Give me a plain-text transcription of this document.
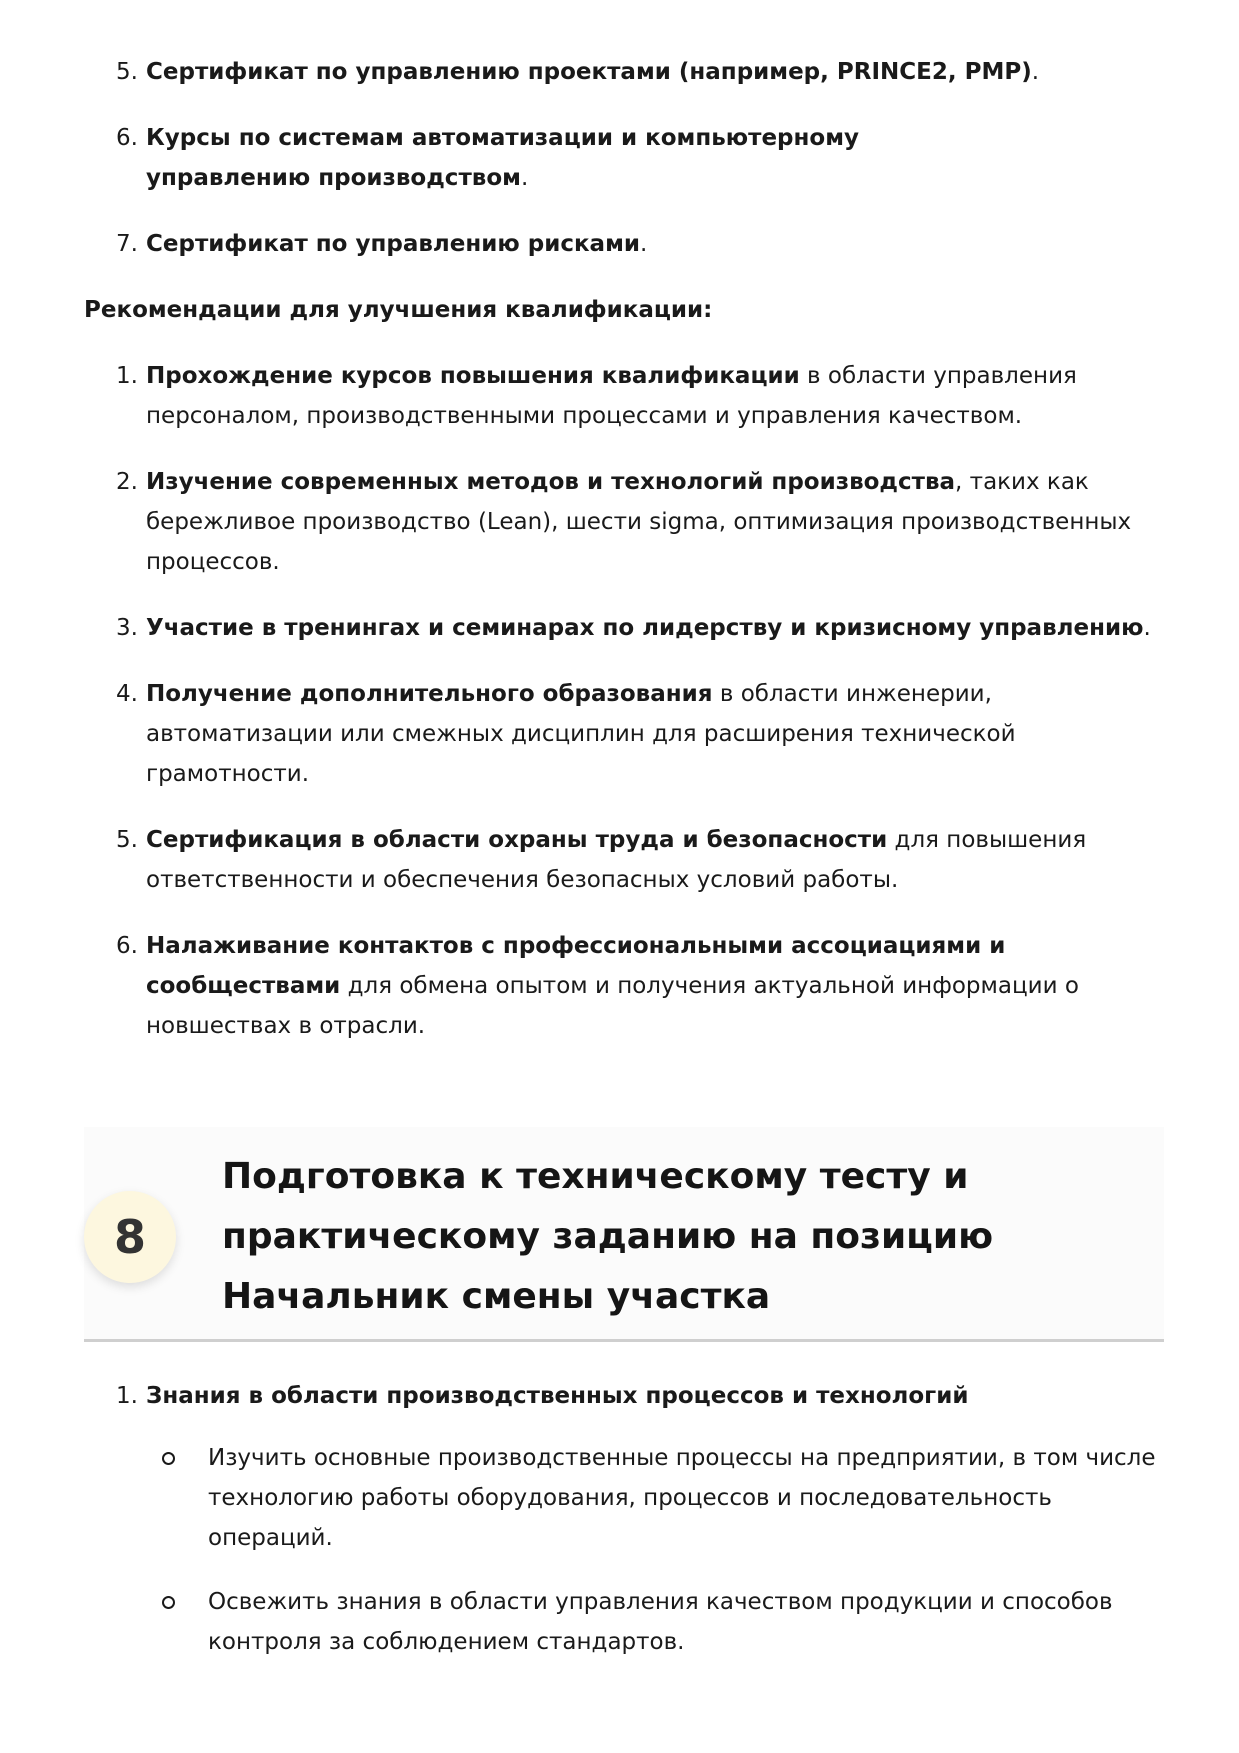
5. Сертификат по управлению проектами (например, PRINCE2, PMP).
6. Курсы по системам автоматизации и компьютерному управлению производством.
7. Сертификат по управлению рисками.
Рекомендации для улучшения квалификации:
1. Прохождение курсов повышения квалификации в области управления персоналом, производственными процессами и управления качеством.
2. Изучение современных методов и технологий производства, таких как бережливое производство (Lean), шести sigma, оптимизация производственных процессов.
3. Участие в тренингах и семинарах по лидерству и кризисному управлению.
4. Получение дополнительного образования в области инженерии, автоматизации или смежных дисциплин для расширения технической грамотности.
5. Сертификация в области охраны труда и безопасности для повышения ответственности и обеспечения безопасных условий работы.
6. Налаживание контактов с профессиональными ассоциациями и сообществами для обмена опытом и получения актуальной информации о новшествах в отрасли.
8
Подготовка к техническому тесту и практическому заданию на позицию Начальник смены участка
1. Знания в области производственных процессов и технологий
Изучить основные производственные процессы на предприятии, в том числе технологию работы оборудования, процессов и последовательность операций.
Освежить знания в области управления качеством продукции и способов контроля за соблюдением стандартов.
